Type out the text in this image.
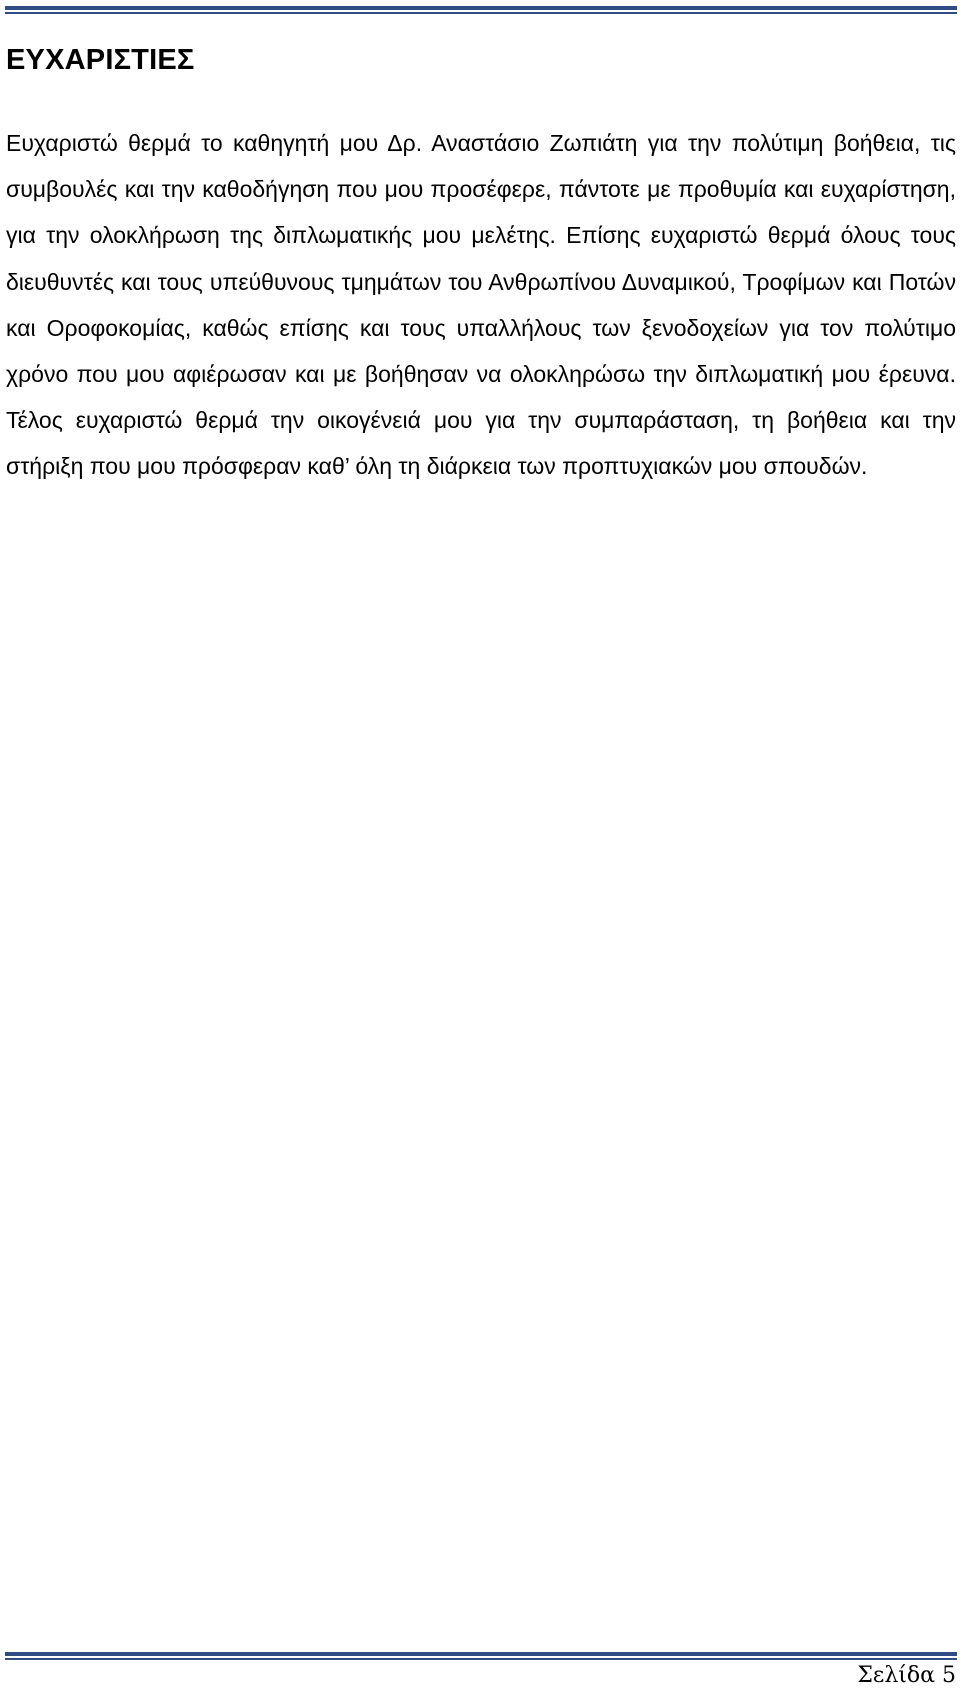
ΕΥΧΑΡΙΣΤΙΕΣ

Ευχαριστώ θερμά το καθηγητή μου Δρ. Αναστάσιο Ζωπιάτη για την πολύτιμη βοήθεια, τις συμβουλές και την καθοδήγηση που μου προσέφερε, πάντοτε με προθυμία και ευχαρίστηση, για την ολοκλήρωση της διπλωματικής μου μελέτης. Επίσης ευχαριστώ θερμά όλους τους διευθυντές και τους υπεύθυνους τμημάτων του Ανθρωπίνου Δυναμικού, Τροφίμων και Ποτών και Οροφοκομίας, καθώς επίσης και τους υπαλλήλους των ξενοδοχείων για τον πολύτιμο χρόνο που μου αφιέρωσαν και με βοήθησαν να ολοκληρώσω την διπλωματική μου έρευνα. Τέλος ευχαριστώ θερμά την οικογένειά μου για την συμπαράσταση, τη βοήθεια και την στήριξη που μου πρόσφεραν καθ’ όλη τη διάρκεια των προπτυχιακών μου σπουδών.

Σελίδα 5
